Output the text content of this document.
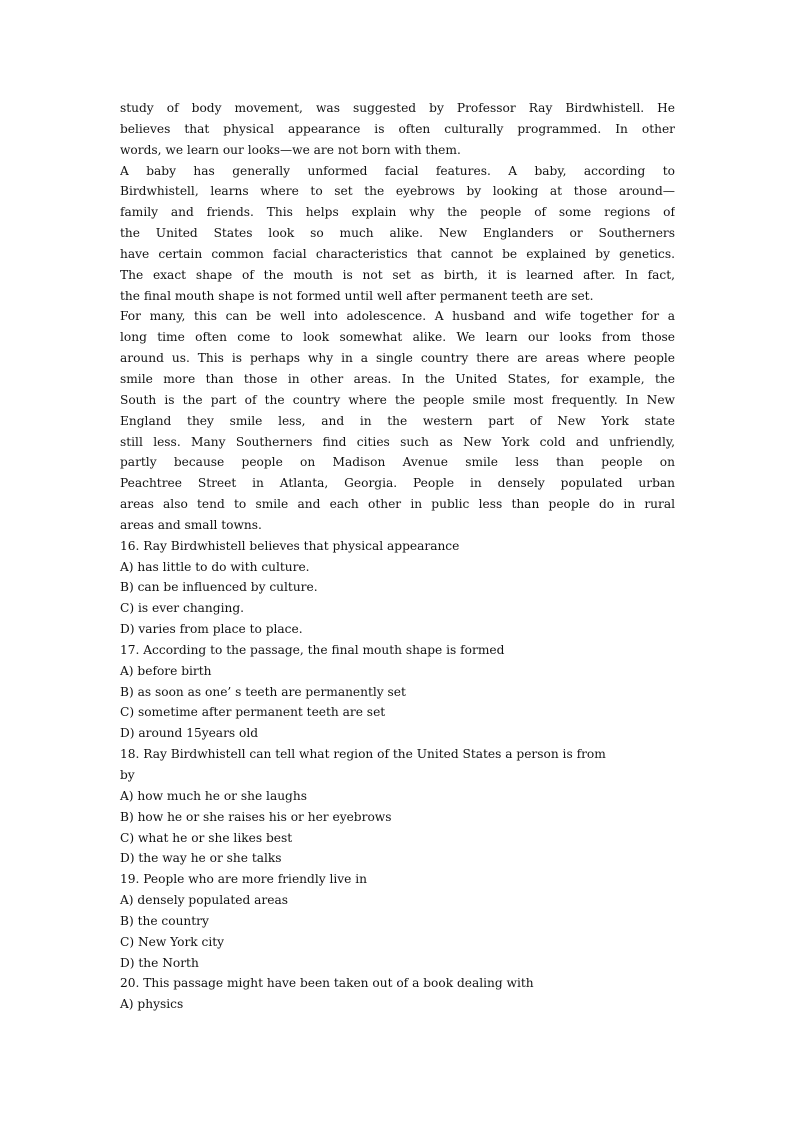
study of body movement, was suggested by Professor Ray Birdwhistell. He
believes that physical appearance is often culturally programmed. In other
words, we learn our looks—we are not born with them.
A baby has generally unformed facial features. A baby, according to
Birdwhistell, learns where to set the eyebrows by looking at those around—
family and friends. This helps explain why the people of some regions of
the United States look so much alike. New Englanders or Southerners
have certain common facial characteristics that cannot be explained by genetics.
The exact shape of the mouth is not set as birth, it is learned after. In fact,
the final mouth shape is not formed until well after permanent teeth are set.
For many, this can be well into adolescence. A husband and wife together for a
long time often come to look somewhat alike. We learn our looks from those
around us. This is perhaps why in a single country there are areas where people
smile more than those in other areas. In the United States, for example, the
South is the part of the country where the people smile most frequently. In New
England they smile less, and in the western part of New York state
still less. Many Southerners find cities such as New York cold and unfriendly,
partly because people on Madison Avenue smile less than people on
Peachtree Street in Atlanta, Georgia. People in densely populated urban
areas also tend to smile and each other in public less than people do in rural
areas and small towns.
16. Ray Birdwhistell believes that physical appearance
A) has little to do with culture.
B) can be influenced by culture.
C) is ever changing.
D) varies from place to place.
17. According to the passage, the final mouth shape is formed
A) before birth
B) as soon as one’ s teeth are permanently set
C) sometime after permanent teeth are set
D) around 15years old
18. Ray Birdwhistell can tell what region of the United States a person is from
by
A) how much he or she laughs
B) how he or she raises his or her eyebrows
C) what he or she likes best
D) the way he or she talks
19. People who are more friendly live in
A) densely populated areas
B) the country
C) New York city
D) the North
20. This passage might have been taken out of a book dealing with
A) physics
